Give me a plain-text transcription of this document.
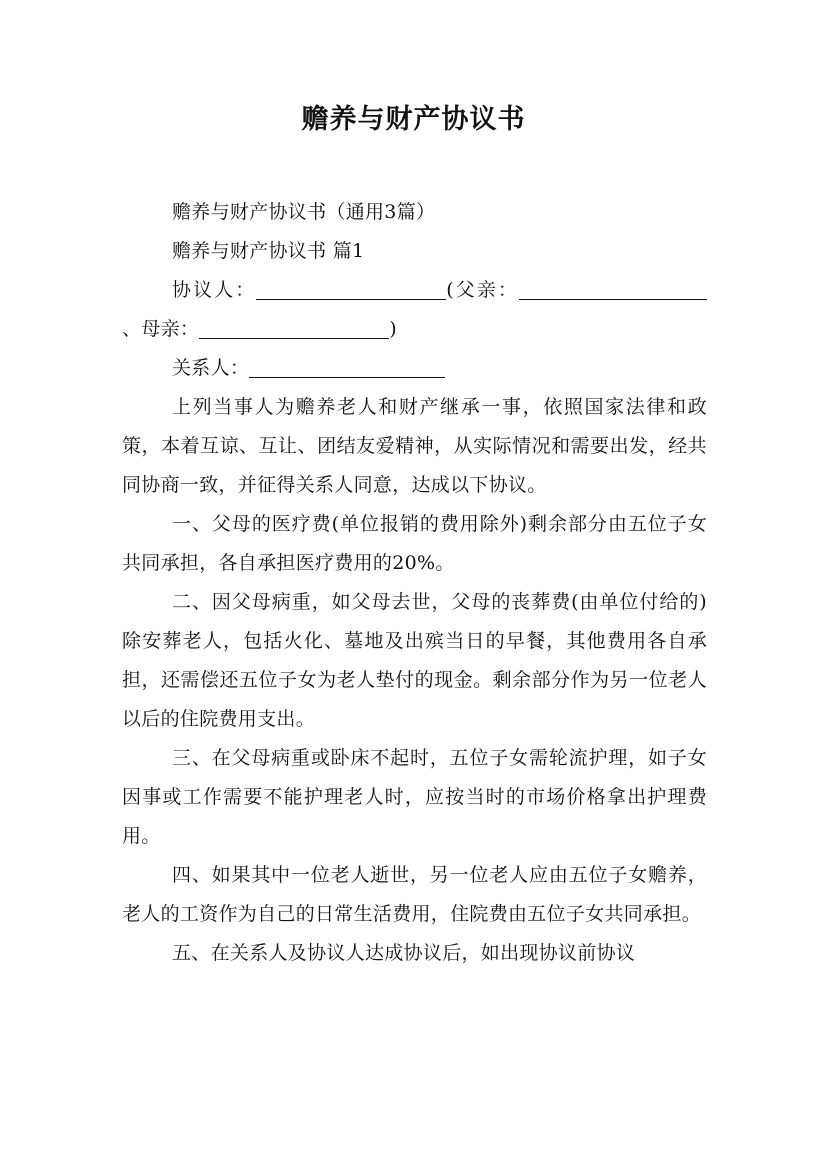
赡养与财产协议书

赡养与财产协议书（通用3篇）

赡养与财产协议书 篇1

协议人：	(父亲：、母亲：	)

关系人：

上列当事人为赡养老人和财产继承一事，依照国家法律和政策，本着互谅、互让、团结友爱精神，从实际情况和需要出发，经共同协商一致，并征得关系人同意，达成以下协议。

一、父母的医疗费(单位报销的费用除外)剩余部分由五位子女共同承担，各自承担医疗费用的20%。

二、因父母病重，如父母去世，父母的丧葬费(由单位付给的)除安葬老人，包括火化、墓地及出殡当日的早餐，其他费用各自承担，还需偿还五位子女为老人垫付的现金。剩余部分作为另一位老人以后的住院费用支出。

三、在父母病重或卧床不起时，五位子女需轮流护理，如子女因事或工作需要不能护理老人时，应按当时的市场价格拿出护理费用。

四、如果其中一位老人逝世，另一位老人应由五位子女赡养，老人的工资作为自己的日常生活费用，住院费由五位子女共同承担。

五、在关系人及协议人达成协议后，如出现协议前协议
